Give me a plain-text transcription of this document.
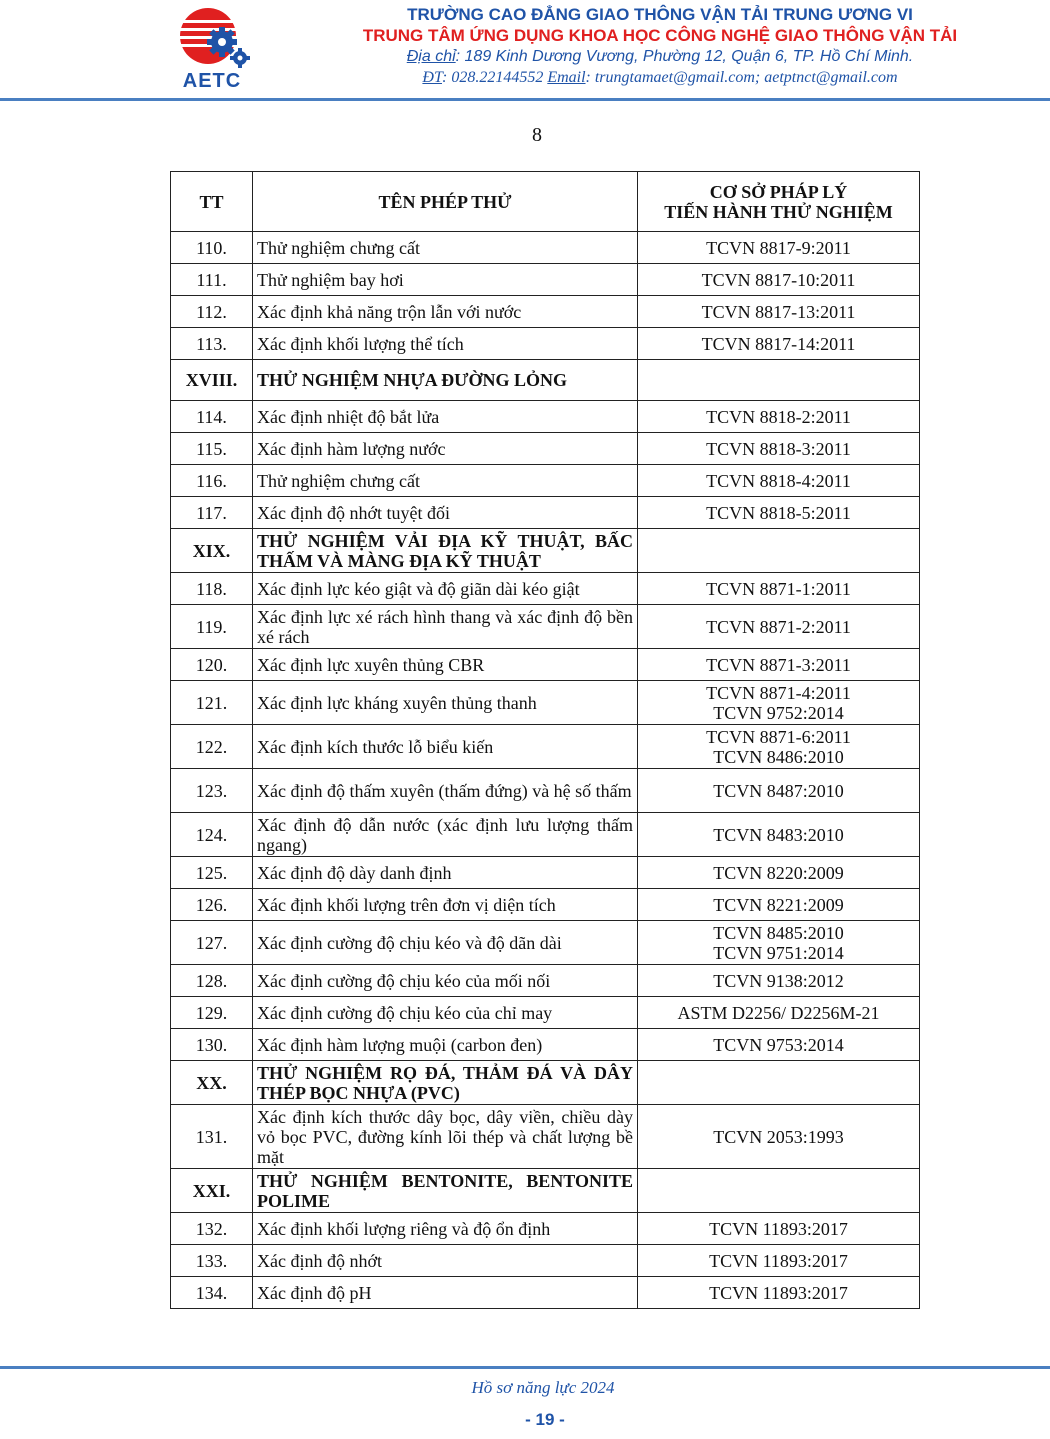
AETC
TRƯỜNG CAO ĐẲNG GIAO THÔNG VẬN TẢI TRUNG ƯƠNG VI
TRUNG TÂM ỨNG DỤNG KHOA HỌC CÔNG NGHỆ GIAO THÔNG VẬN TẢI
Địa chỉ: 189 Kinh Dương Vương, Phường 12, Quận 6, TP. Hồ Chí Minh.
ĐT: 028.22144552 Email: trungtamaet@gmail.com; aetptnct@gmail.com
8
TT	TÊN PHÉP THỬ	CƠ SỞ PHÁP LÝ
TIẾN HÀNH THỬ NGHIỆM
110.	Thử nghiệm chưng cất	TCVN 8817-9:2011
111.	Thử nghiệm bay hơi	TCVN 8817-10:2011
112.	Xác định khả năng trộn lẫn với nước	TCVN 8817-13:2011
113.	Xác định khối lượng thể tích	TCVN 8817-14:2011
XVIII.	THỬ NGHIỆM NHỰA ĐƯỜNG LỎNG	
114.	Xác định nhiệt độ bắt lửa	TCVN 8818-2:2011
115.	Xác định hàm lượng nước	TCVN 8818-3:2011
116.	Thử nghiệm chưng cất	TCVN 8818-4:2011
117.	Xác định độ nhớt tuyệt đối	TCVN 8818-5:2011
XIX.	THỬ NGHIỆM VẢI ĐỊA KỸ THUẬT, BẤC THẤM VÀ MÀNG ĐỊA KỸ THUẬT	
118.	Xác định lực kéo giật và độ giãn dài kéo giật	TCVN 8871-1:2011
119.	Xác định lực xé rách hình thang và xác định độ bền xé rách	TCVN 8871-2:2011
120.	Xác định lực xuyên thủng CBR	TCVN 8871-3:2011
121.	Xác định lực kháng xuyên thủng thanh	TCVN 8871-4:2011
TCVN 9752:2014
122.	Xác định kích thước lỗ biểu kiến	TCVN 8871-6:2011
TCVN 8486:2010
123.	Xác định độ thấm xuyên (thấm đứng) và hệ số thấm	TCVN 8487:2010
124.	Xác định độ dẫn nước (xác định lưu lượng thấm ngang)	TCVN 8483:2010
125.	Xác định độ dày danh định	TCVN 8220:2009
126.	Xác định khối lượng trên đơn vị diện tích	TCVN 8221:2009
127.	Xác định cường độ chịu kéo và độ dãn dài	TCVN 8485:2010
TCVN 9751:2014
128.	Xác định cường độ chịu kéo của mối nối	TCVN 9138:2012
129.	Xác định cường độ chịu kéo của chỉ may	ASTM D2256/ D2256M-21
130.	Xác định hàm lượng muội (carbon đen)	TCVN 9753:2014
XX.	THỬ NGHIỆM RỌ ĐÁ, THẢM ĐÁ VÀ DÂY THÉP BỌC NHỰA (PVC)	
131.	Xác định kích thước dây bọc, dây viền, chiều dày vỏ bọc PVC, đường kính lõi thép và chất lượng bề mặt	TCVN 2053:1993
XXI.	THỬ NGHIỆM BENTONITE, BENTONITE POLIME	
132.	Xác định khối lượng riêng và độ ổn định	TCVN 11893:2017
133.	Xác định độ nhớt	TCVN 11893:2017
134.	Xác định độ pH	TCVN 11893:2017
Hồ sơ năng lực 2024
- 19 -
